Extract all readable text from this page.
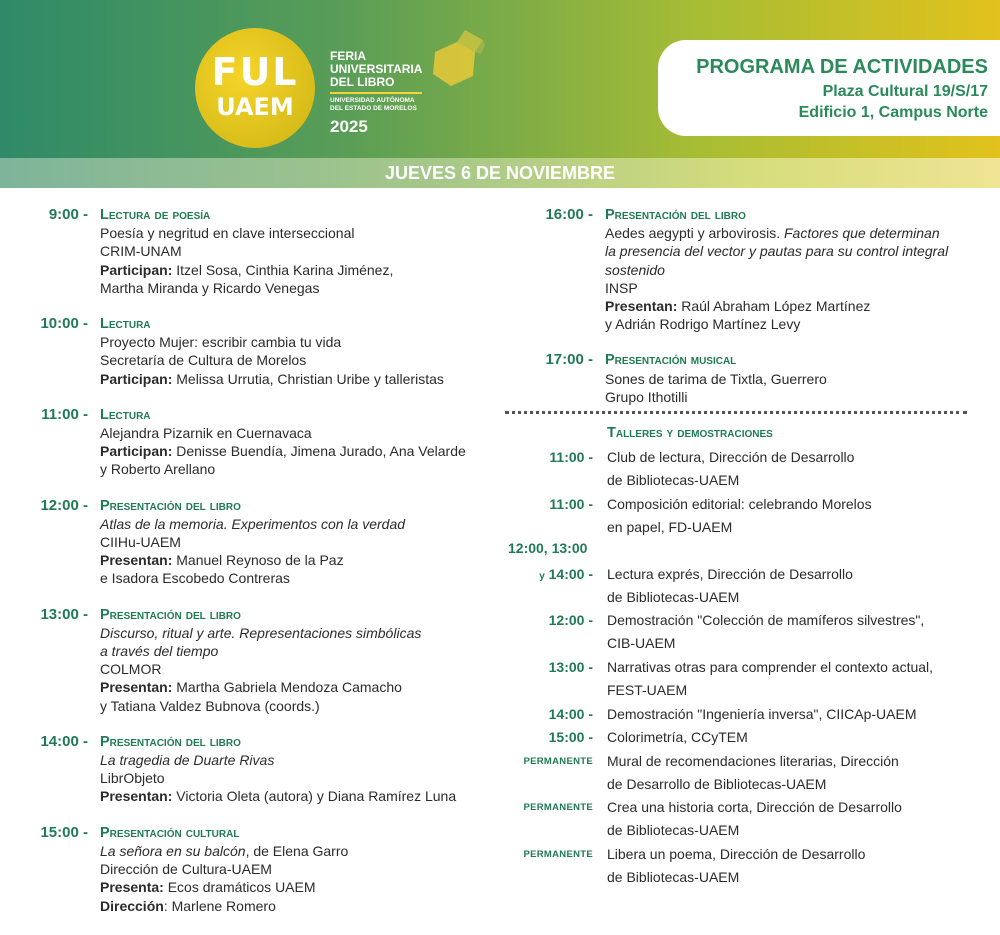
FUL
UAEM
FERIA
UNIVERSITARIA
DEL LIBRO
UNIVERSIDAD AUTÓNOMA
DEL ESTADO DE MORELOS
2025
PROGRAMA DE ACTIVIDADES
Plaza Cultural 19/S/17
Edificio 1, Campus Norte
JUEVES 6 DE NOVIEMBRE
9:00 - Lectura de poesía
Poesía y negritud en clave interseccional
CRIM-UNAM
Participan: Itzel Sosa, Cinthia Karina Jiménez,
Martha Miranda y Ricardo Venegas
10:00 - Lectura
Proyecto Mujer: escribir cambia tu vida
Secretaría de Cultura de Morelos
Participan: Melissa Urrutia, Christian Uribe y talleristas
11:00 - Lectura
Alejandra Pizarnik en Cuernavaca
Participan: Denisse Buendía, Jimena Jurado, Ana Velarde
y Roberto Arellano
12:00 - Presentación del libro
Atlas de la memoria. Experimentos con la verdad
CIIHu-UAEM
Presentan: Manuel Reynoso de la Paz
e Isadora Escobedo Contreras
13:00 - Presentación del libro
Discurso, ritual y arte. Representaciones simbólicas
a través del tiempo
COLMOR
Presentan: Martha Gabriela Mendoza Camacho
y Tatiana Valdez Bubnova (coords.)
14:00 - Presentación del libro
La tragedia de Duarte Rivas
LibrObjeto
Presentan: Victoria Oleta (autora) y Diana Ramírez Luna
15:00 - Presentación cultural
La señora en su balcón, de Elena Garro
Dirección de Cultura-UAEM
Presenta: Ecos dramáticos UAEM
Dirección: Marlene Romero
16:00 - Presentación del libro
Aedes aegypti y arbovirosis. Factores que determinan
la presencia del vector y pautas para su control integral
sostenido
INSP
Presentan: Raúl Abraham López Martínez
y Adrián Rodrigo Martínez Levy
17:00 - Presentación musical
Sones de tarima de Tixtla, Guerrero
Grupo Ithotilli
Talleres y demostraciones
11:00 - Club de lectura, Dirección de Desarrollo
de Bibliotecas-UAEM
11:00 - Composición editorial: celebrando Morelos
en papel, FD-UAEM
y 14:00 - Lectura exprés, Dirección de Desarrollo
de Bibliotecas-UAEM
12:00 - Demostración "Colección de mamíferos silvestres",
CIB-UAEM
13:00 - Narrativas otras para comprender el contexto actual,
FEST-UAEM
14:00 - Demostración "Ingeniería inversa", CIICAp-UAEM
15:00 - Colorimetría, CCyTEM
PERMANENTE Mural de recomendaciones literarias, Dirección
de Desarrollo de Bibliotecas-UAEM
PERMANENTE Crea una historia corta, Dirección de Desarrollo
de Bibliotecas-UAEM
PERMANENTE Libera un poema, Dirección de Desarrollo
de Bibliotecas-UAEM
12:00, 13:00
